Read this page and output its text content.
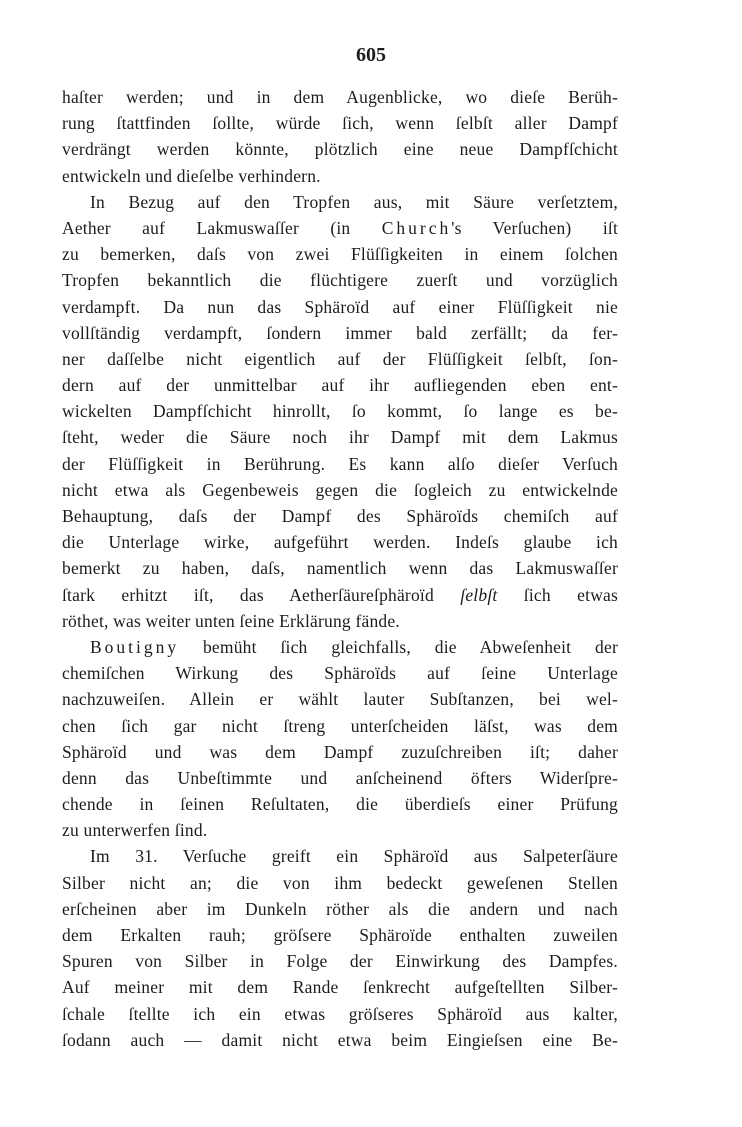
605
haſter werden; und in dem Augenblicke, wo dieſe Berüh-
rung ſtattfinden ſollte, würde ſich, wenn ſelbſt aller Dampf
verdrängt werden könnte, plötzlich eine neue Dampfſchicht
entwickeln und dieſelbe verhindern.
In Bezug auf den Tropfen aus, mit Säure verſetztem,
Aether auf Lakmuswaſſer (in Church's Verſuchen) iſt
zu bemerken, daſs von zwei Flüſſigkeiten in einem ſolchen
Tropfen bekanntlich die flüchtigere zuerſt und vorzüglich
verdampft. Da nun das Sphäroïd auf einer Flüſſigkeit nie
vollſtändig verdampft, ſondern immer bald zerfällt; da fer-
ner daſſelbe nicht eigentlich auf der Flüſſigkeit ſelbſt, ſon-
dern auf der unmittelbar auf ihr aufliegenden eben ent-
wickelten Dampfſchicht hinrollt, ſo kommt, ſo lange es be-
ſteht, weder die Säure noch ihr Dampf mit dem Lakmus
der Flüſſigkeit in Berührung. Es kann alſo dieſer Verſuch
nicht etwa als Gegenbeweis gegen die ſogleich zu entwickelnde
Behauptung, daſs der Dampf des Sphäroïds chemiſch auf
die Unterlage wirke, aufgeführt werden. Indeſs glaube ich
bemerkt zu haben, daſs, namentlich wenn das Lakmuswaſſer
ſtark erhitzt iſt, das Aetherſäureſphäroïd ſelbſt ſich etwas
röthet, was weiter unten ſeine Erklärung fände.
Boutigny bemüht ſich gleichfalls, die Abweſenheit der
chemiſchen Wirkung des Sphäroïds auf ſeine Unterlage
nachzuweiſen. Allein er wählt lauter Subſtanzen, bei wel-
chen ſich gar nicht ſtreng unterſcheiden läſst, was dem
Sphäroïd und was dem Dampf zuzuſchreiben iſt; daher
denn das Unbeſtimmte und anſcheinend öfters Widerſpre-
chende in ſeinen Reſultaten, die überdieſs einer Prüfung
zu unterwerfen ſind.
Im 31. Verſuche greift ein Sphäroïd aus Salpeterſäure
Silber nicht an; die von ihm bedeckt geweſenen Stellen
erſcheinen aber im Dunkeln röther als die andern und nach
dem Erkalten rauh; gröſsere Sphäroïde enthalten zuweilen
Spuren von Silber in Folge der Einwirkung des Dampfes.
Auf meiner mit dem Rande ſenkrecht aufgeſtellten Silber-
ſchale ſtellte ich ein etwas gröſseres Sphäroïd aus kalter,
ſodann auch — damit nicht etwa beim Eingieſsen eine Be-
